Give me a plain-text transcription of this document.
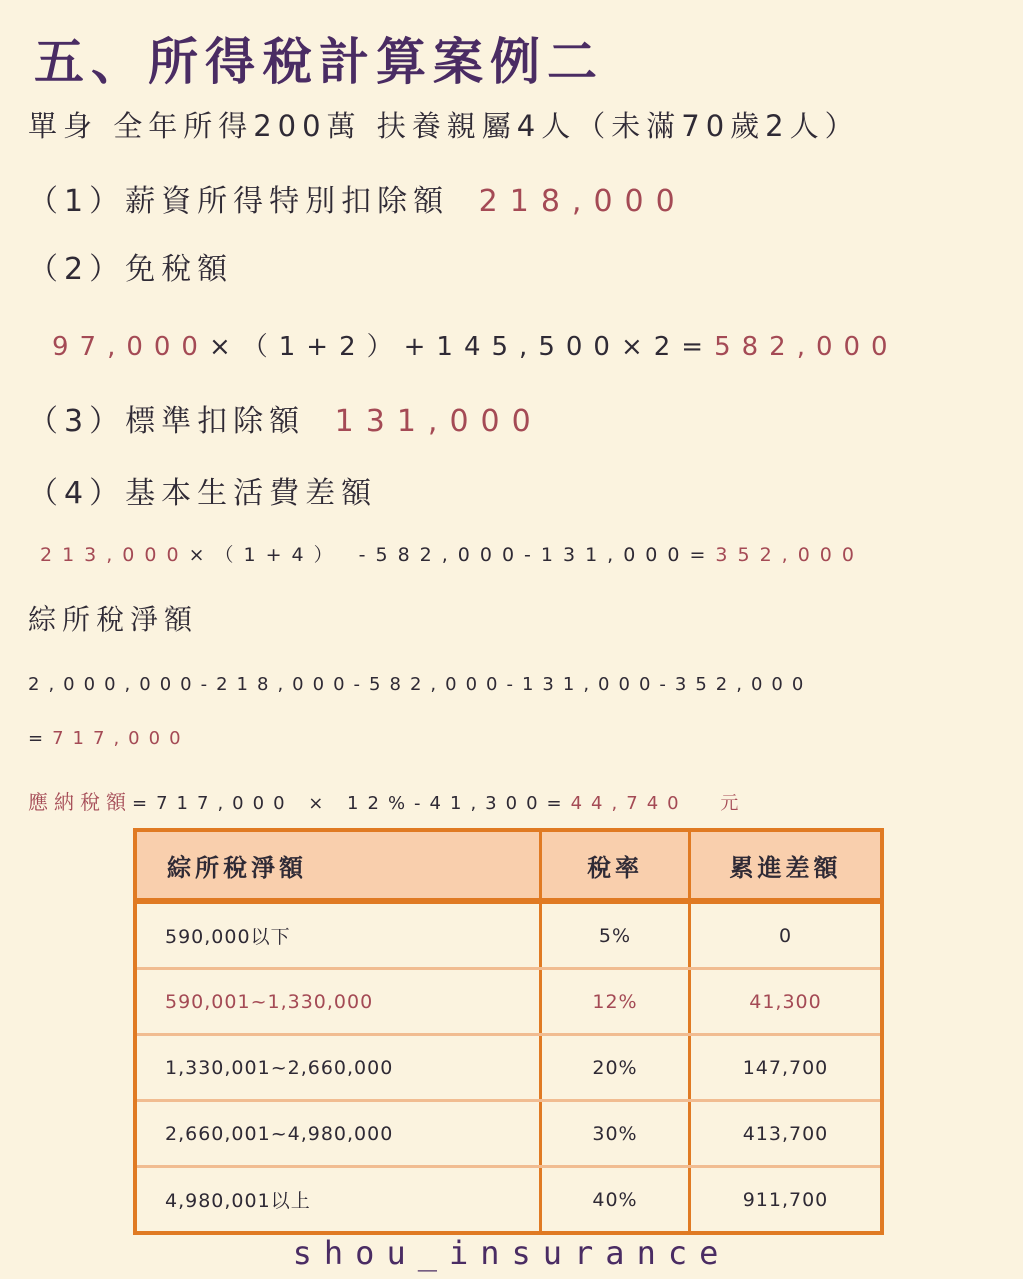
五、所得稅計算案例二
單身 全年所得200萬 扶養親屬4人（未滿70歲2人）
（1）薪資所得特別扣除額 218,000
（2）免稅額
97,000×（1+2）+145,500×2=582,000
（3）標準扣除額 131,000
（4）基本生活費差額
213,000×（1+4） -582,000-131,000=352,000
綜所稅淨額
2,000,000-218,000-582,000-131,000-352,000
=717,000
應納稅額=717,000 × 12%-41,300=44,740 元
綜所稅淨額	稅率	累進差額
590,000以下	5%	0
590,001~1,330,000	12%	41,300
1,330,001~2,660,000	20%	147,700
2,660,001~4,980,000	30%	413,700
4,980,001以上	40%	911,700
shou_insurance
